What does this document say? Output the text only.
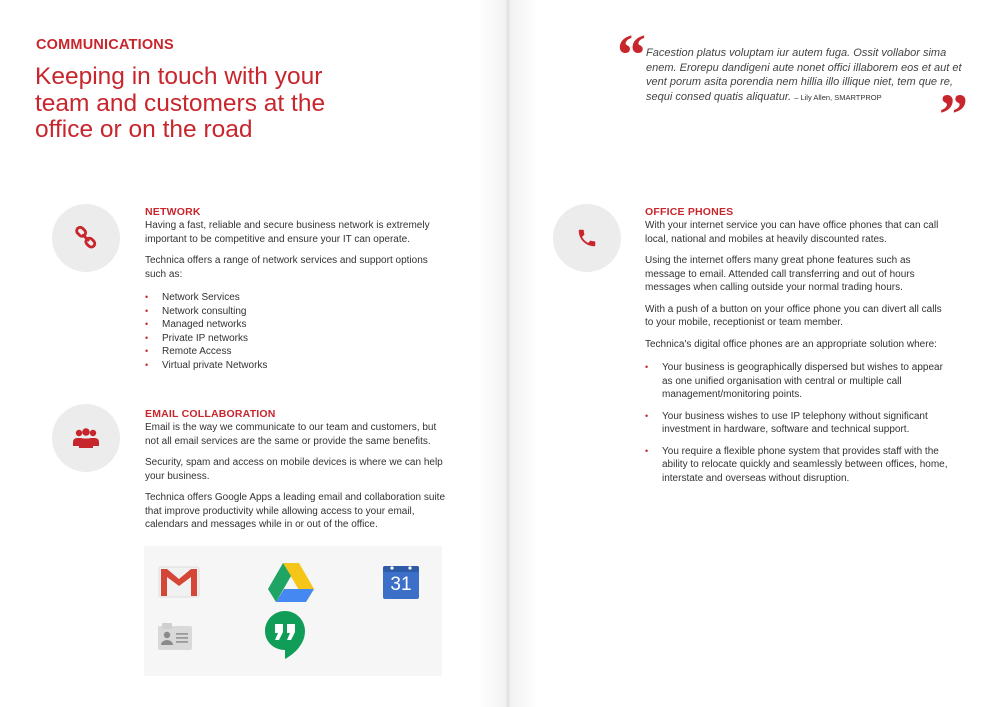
COMMUNICATIONS
Keeping in touch with your team and customers at the office or on the road
NETWORK

Having a fast, reliable and secure business network is extremely important to be competitive and ensure your IT can operate.

Technica offers a range of network services and support options such as:

• Network Services
• Network consulting
• Managed networks
• Private IP networks
• Remote Access
• Virtual private Networks
EMAIL COLLABORATION

Email is the way we communicate to our team and customers, but not all email services are the same or provide the same benefits.

Security, spam and access on mobile devices is where we can help your business.

Technica offers Google Apps a leading email and collaboration suite that improve productivity while allowing access to your email, calendars and messages while in or out of the office.

31
“ Facestion platus voluptam iur autem fuga. Ossit vollabor sima enem. Erorepu dandigeni aute nonet offici illaborem eos et aut et vent porum asita porendia nem hillia illo illique niet, tem que re, sequi consed quatis aliquatur. – Lily Allen, SMARTPROP ”
OFFICE PHONES

With your internet service you can have office phones that can call local, national and mobiles at heavily discounted rates.

Using the internet offers many great phone features such as message to email. Attended call transferring and out of hours messages when calling outside your normal trading hours.

With a push of a button on your office phone you can divert all calls to your mobile, receptionist or team member.

Technica's digital office phones are an appropriate solution where:

• Your business is geographically dispersed but wishes to appear as one unified organisation with central or multiple call management/monitoring points.
• Your business wishes to use IP telephony without significant investment in hardware, software and technical support.
• You require a flexible phone system that provides staff with the ability to relocate quickly and seamlessly between offices, home, interstate and overseas without disruption.
